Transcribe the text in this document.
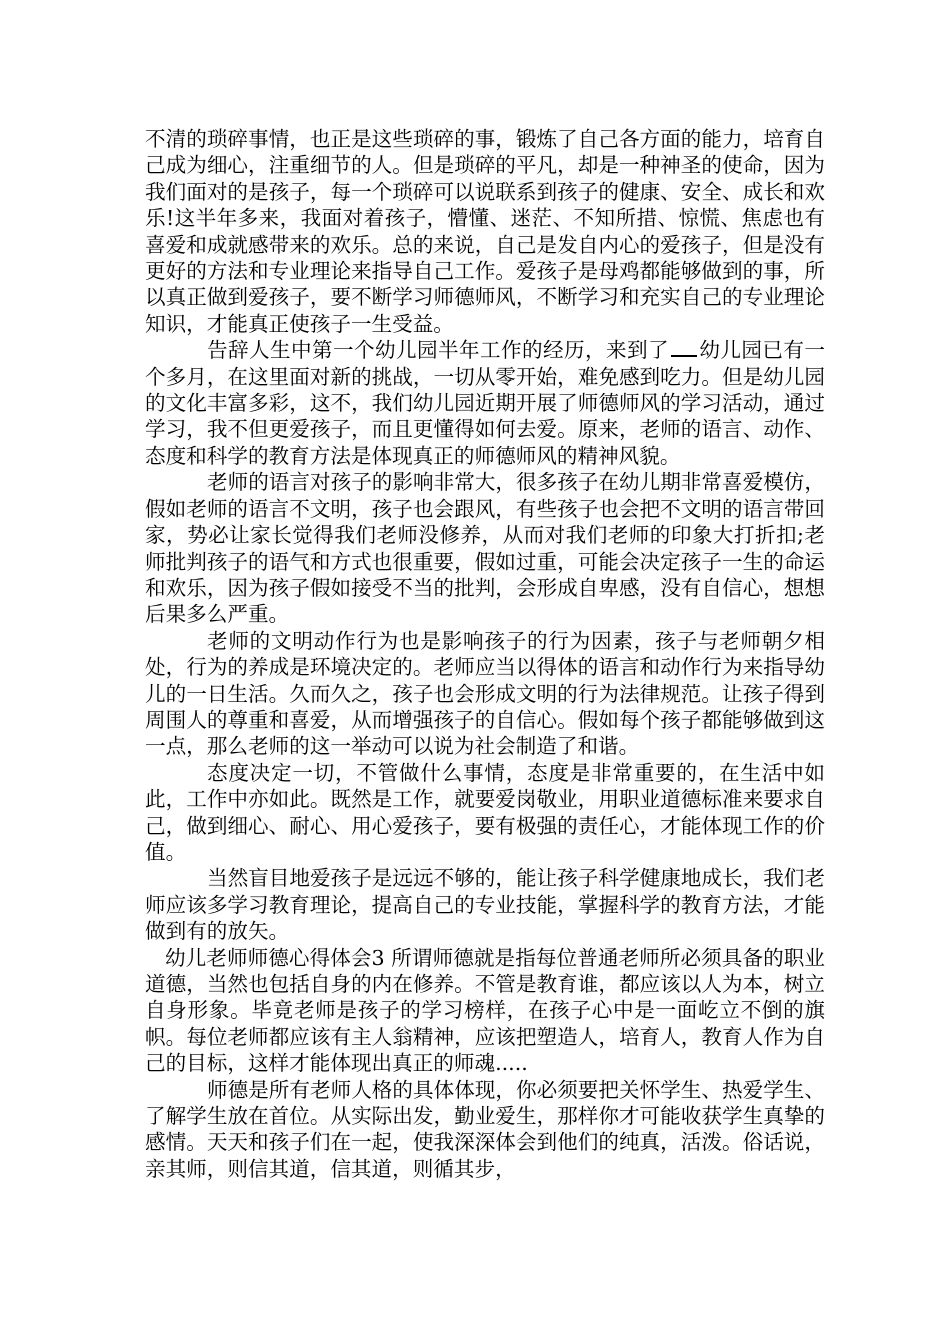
不清的琐碎事情，也正是这些琐碎的事，锻炼了自己各方面的能力，培育自己成为细心，注重细节的人。但是琐碎的平凡，却是一种神圣的使命，因为我们面对的是孩子，每一个琐碎可以说联系到孩子的健康、安全、成长和欢乐!这半年多来，我面对着孩子，懵懂、迷茫、不知所措、惊慌、焦虑也有喜爱和成就感带来的欢乐。总的来说，自己是发自内心的爱孩子，但是没有更好的方法和专业理论来指导自己工作。爱孩子是母鸡都能够做到的事，所以真正做到爱孩子，要不断学习师德师风，不断学习和充实自己的专业理论知识，才能真正使孩子一生受益。

告辞人生中第一个幼儿园半年工作的经历，来到了 幼儿园已有一个多月，在这里面对新的挑战，一切从零开始，难免感到吃力。但是幼儿园的文化丰富多彩，这不，我们幼儿园近期开展了师德师风的学习活动，通过学习，我不但更爱孩子，而且更懂得如何去爱。原来，老师的语言、动作、态度和科学的教育方法是体现真正的师德师风的精神风貌。

老师的语言对孩子的影响非常大，很多孩子在幼儿期非常喜爱模仿，假如老师的语言不文明，孩子也会跟风，有些孩子也会把不文明的语言带回家，势必让家长觉得我们老师没修养，从而对我们老师的印象大打折扣;老师批判孩子的语气和方式也很重要，假如过重，可能会决定孩子一生的命运和欢乐，因为孩子假如接受不当的批判，会形成自卑感，没有自信心，想想后果多么严重。

老师的文明动作行为也是影响孩子的行为因素，孩子与老师朝夕相处，行为的养成是环境决定的。老师应当以得体的语言和动作行为来指导幼儿的一日生活。久而久之，孩子也会形成文明的行为法律规范。让孩子得到周围人的尊重和喜爱，从而增强孩子的自信心。假如每个孩子都能够做到这一点，那么老师的这一举动可以说为社会制造了和谐。

态度决定一切，不管做什么事情，态度是非常重要的，在生活中如此，工作中亦如此。既然是工作，就要爱岗敬业，用职业道德标准来要求自己，做到细心、耐心、用心爱孩子，要有极强的责任心，才能体现工作的价值。

当然盲目地爱孩子是远远不够的，能让孩子科学健康地成长，我们老师应该多学习教育理论，提高自己的专业技能，掌握科学的教育方法，才能做到有的放矢。

幼儿老师师德心得体会3 所谓师德就是指每位普通老师所必须具备的职业道德，当然也包括自身的内在修养。不管是教育谁，都应该以人为本，树立自身形象。毕竟老师是孩子的学习榜样，在孩子心中是一面屹立不倒的旗帜。每位老师都应该有主人翁精神，应该把塑造人，培育人，教育人作为自己的目标，这样才能体现出真正的师魂.....

师德是所有老师人格的具体体现，你必须要把关怀学生、热爱学生、了解学生放在首位。从实际出发，勤业爱生，那样你才可能收获学生真挚的感情。天天和孩子们在一起，使我深深体会到他们的纯真，活泼。俗话说，亲其师，则信其道，信其道，则循其步，
